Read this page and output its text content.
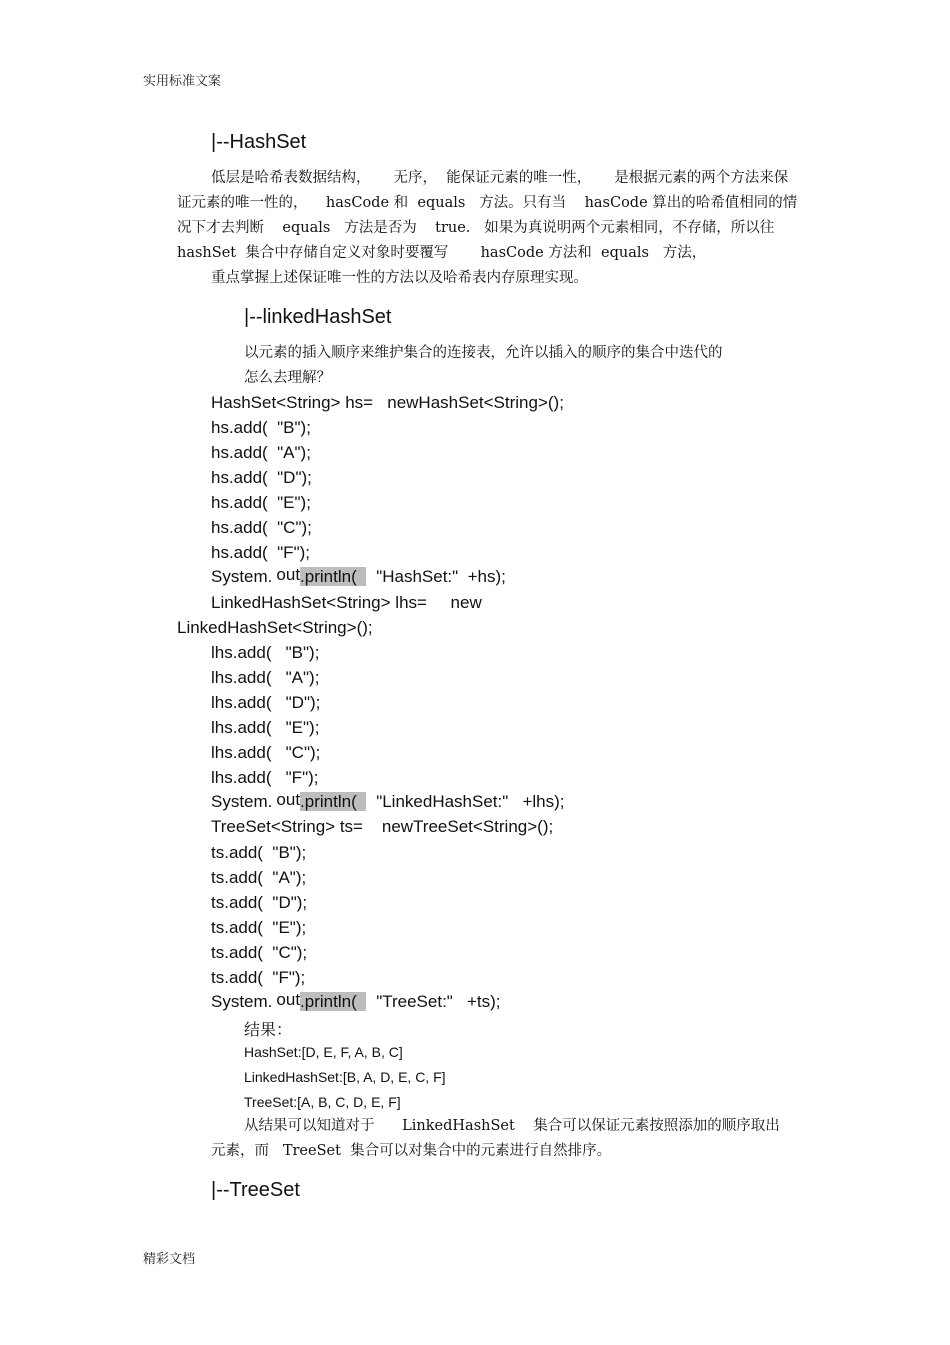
实用标准文案
精彩文档
|--HashSet
低层是哈希表数据结构，     无序，  能保证元素的唯一性，     是根据元素的两个方法来保
证元素的唯一性的，    hasCode 和  equals   方法。只有当    hasCode 算出的哈希值相同的情
况下才去判断    equals   方法是否为    true.   如果为真说明两个元素相同，不存储，所以往
hashSet  集合中存储自定义对象时要覆写       hasCode 方法和  equals   方法，
重点掌握上述保证唯一性的方法以及哈希表内存原理实现。
|--linkedHashSet
以元素的插入顺序来维护集合的连接表，允许以插入的顺序的集合中迭代的
怎么去理解？
HashSet<String> hs=   newHashSet<String>();
hs.add(  "B");
hs.add(  "A");
hs.add(  "D");
hs.add(  "E");
hs.add(  "C");
hs.add(  "F");
System. out.println(  "HashSet:"  +hs);
LinkedHashSet<String> lhs=     new
LinkedHashSet<String>();
lhs.add(   "B");
lhs.add(   "A");
lhs.add(   "D");
lhs.add(   "E");
lhs.add(   "C");
lhs.add(   "F");
System. out.println(  "LinkedHashSet:"   +lhs);
TreeSet<String> ts=    newTreeSet<String>();
ts.add(  "B");
ts.add(  "A");
ts.add(  "D");
ts.add(  "E");
ts.add(  "C");
ts.add(  "F");
System. out.println(  "TreeSet:"   +ts);
结果：
HashSet:[D, E, F, A, B, C]
LinkedHashSet:[B, A, D, E, C, F]
TreeSet:[A, B, C, D, E, F]
从结果可以知道对于      LinkedHashSet    集合可以保证元素按照添加的顺序取出
元素，而   TreeSet  集合可以对集合中的元素进行自然排序。
|--TreeSet
